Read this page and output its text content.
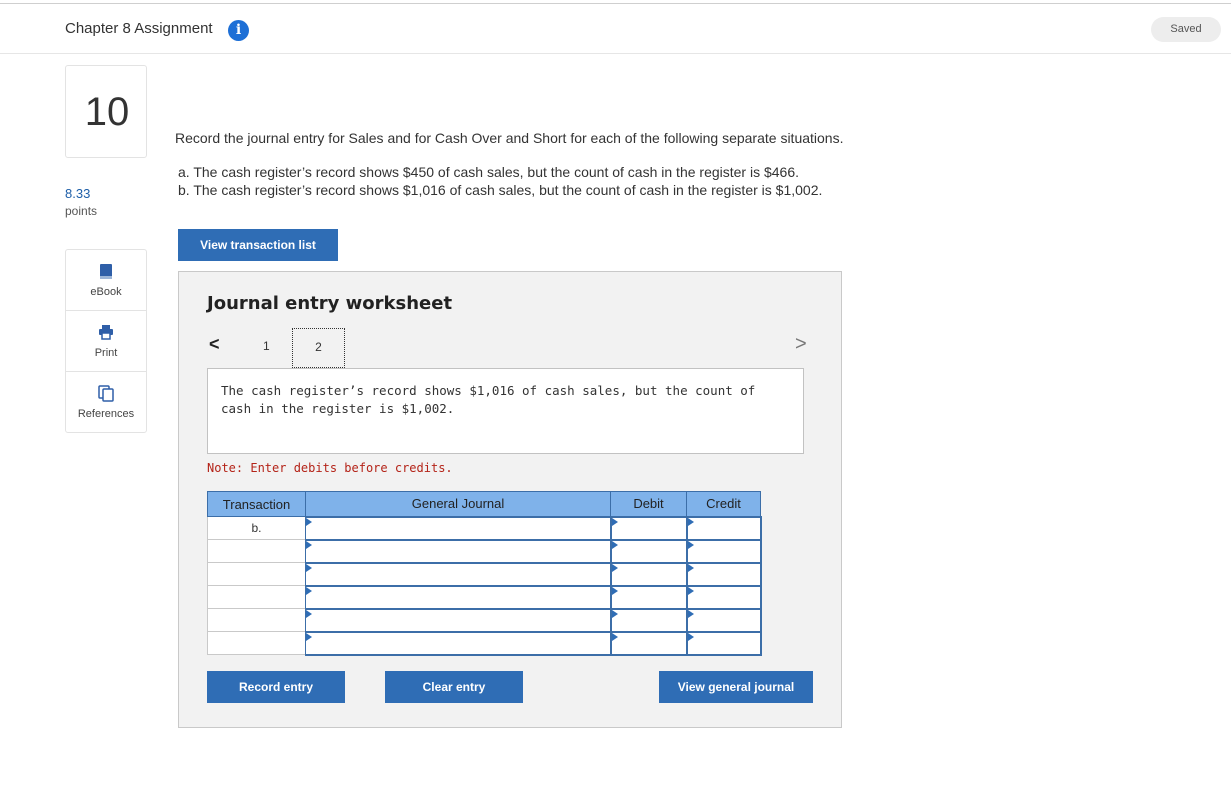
Chapter 8 Assignment	i	Saved
10
8.33
points
eBook
Print
References
Record the journal entry for Sales and for Cash Over and Short for each of the following separate situations.
a. The cash register’s record shows $450 of cash sales, but the count of cash in the register is $466.
b. The cash register’s record shows $1,016 of cash sales, but the count of cash in the register is $1,002.
View transaction list
Journal entry worksheet
<	1	2	>
The cash register’s record shows $1,016 of cash sales, but the count of cash in the register is $1,002.
Note: Enter debits before credits.
Transaction	General Journal	Debit	Credit
b.	

Record entry	Clear entry	View general journal
